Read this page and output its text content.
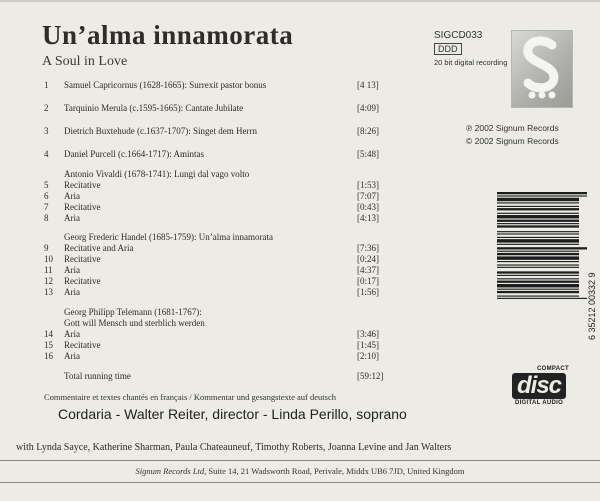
Un’alma innamorata
A Soul in Love
SIGCD033
DDD
20 bit digital recording
℗ 2002 Signum Records
© 2002 Signum Records
1 Samuel Capricornus (1628-1665): Surrexit pastor bonus	[4 13]
2 Tarquinio Merula (c.1595-1665): Cantate Jubilate	[4:09]
3 Dietrich Buxtehude (c.1637-1707): Singet dem Herrn	[8:26]
4 Daniel Purcell (c.1664-1717): Amintas	[5:48]
Antonio Vivaldi (1678-1741): Lungi dal vago volto
5 Recitative	[1:53]
6 Aria	[7:07]
7 Recitative	[0:43]
8 Aria	[4:13]
Georg Frederic Handel (1685-1759): Un’alma innamorata
9 Recitative and Aria	[7:36]
10 Recitative	[0:24]
11 Aria	[4:37]
12 Recitative	[0:17]
13 Aria	[1:56]
Georg Philipp Telemann (1681-1767):
Gott will Mensch und sterblich werden
14 Aria	[3:46]
15 Recitative	[1:45]
16 Aria	[2:10]
Total running time	[59:12]
Commentaire et textes chantés en français / Kommentar und gesangstexte auf deutsch
Cordaria - Walter Reiter, director - Linda Perillo, soprano
with Lynda Sayce, Katherine Sharman, Paula Chateauneuf, Timothy Roberts, Joanna Levine and Jan Walters
Signum Records Ltd, Suite 14, 21 Wadsworth Road, Perivale, Middx UB6 7JD, United Kingdom
6 35212 00332 9
COMPACT
disc
DIGITAL AUDIO
